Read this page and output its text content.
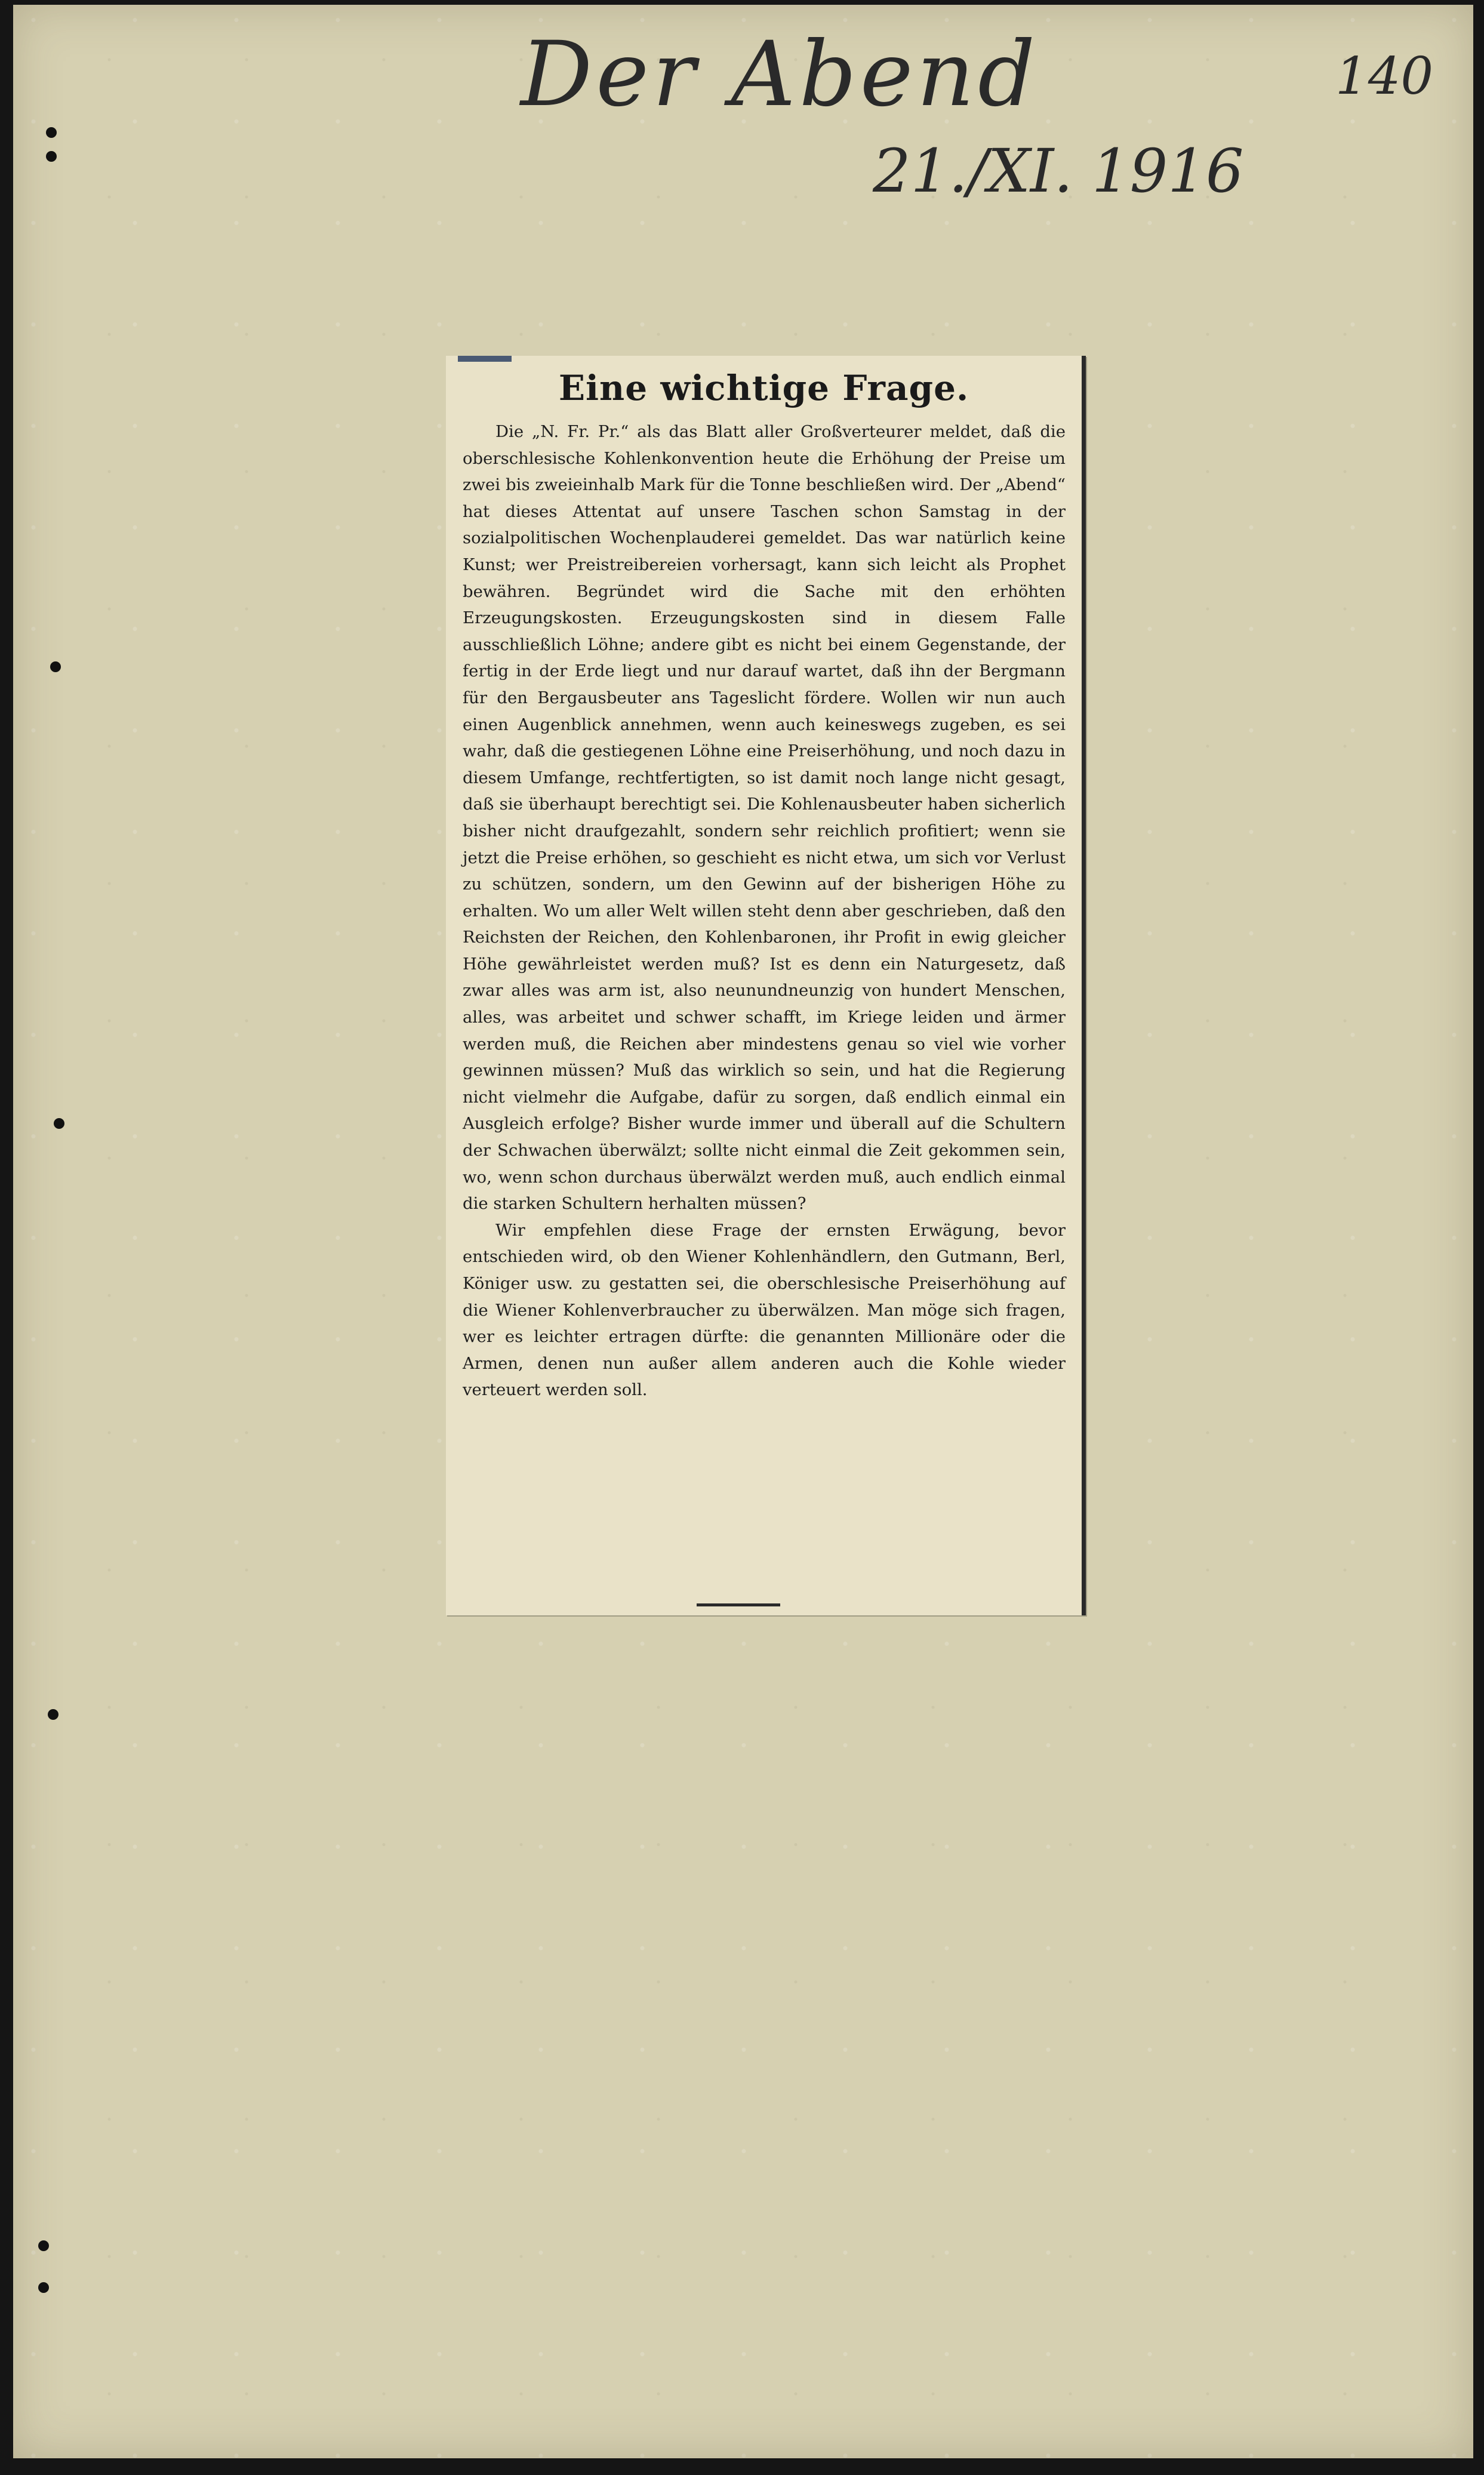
Der Abend

21./XI. 1916

140

Eine wichtige Frage.

Die „N. Fr. Pr.“ als das Blatt aller Großverteurer meldet, daß die oberschlesische Kohlenkonvention heute die Erhöhung der Preise um zwei bis zweieinhalb Mark für die Tonne beschließen wird. Der „Abend“ hat dieses Attentat auf unsere Taschen schon Samstag in der sozialpolitischen Wochenplauderei gemeldet. Das war natürlich keine Kunst; wer Preistreibereien vorhersagt, kann sich leicht als Prophet bewähren. Begründet wird die Sache mit den erhöhten Erzeugungskosten. Erzeugungskosten sind in diesem Falle ausschließlich Löhne; andere gibt es nicht bei einem Gegenstande, der fertig in der Erde liegt und nur darauf wartet, daß ihn der Bergmann für den Bergausbeuter ans Tageslicht fördere. Wollen wir nun auch einen Augenblick annehmen, wenn auch keineswegs zugeben, es sei wahr, daß die gestiegenen Löhne eine Preiserhöhung, und noch dazu in diesem Umfange, rechtfertigten, so ist damit noch lange nicht gesagt, daß sie überhaupt berechtigt sei. Die Kohlenausbeuter haben sicherlich bisher nicht draufgezahlt, sondern sehr reichlich profitiert; wenn sie jetzt die Preise erhöhen, so geschieht es nicht etwa, um sich vor Verlust zu schützen, sondern, um den Gewinn auf der bisherigen Höhe zu erhalten. Wo um aller Welt willen steht denn aber geschrieben, daß den Reichsten der Reichen, den Kohlenbaronen, ihr Profit in ewig gleicher Höhe gewährleistet werden muß? Ist es denn ein Naturgesetz, daß zwar alles was arm ist, also neunundneunzig von hundert Menschen, alles, was arbeitet und schwer schafft, im Kriege leiden und ärmer werden muß, die Reichen aber mindestens genau so viel wie vorher gewinnen müssen? Muß das wirklich so sein, und hat die Regierung nicht vielmehr die Aufgabe, dafür zu sorgen, daß endlich einmal ein Ausgleich erfolge? Bisher wurde immer und überall auf die Schultern der Schwachen überwälzt; sollte nicht einmal die Zeit gekommen sein, wo, wenn schon durchaus überwälzt werden muß, auch endlich einmal die starken Schultern herhalten müssen?

Wir empfehlen diese Frage der ernsten Erwägung, bevor entschieden wird, ob den Wiener Kohlenhändlern, den Gutmann, Berl, Königer usw. zu gestatten sei, die oberschlesische Preiserhöhung auf die Wiener Kohlenverbraucher zu überwälzen. Man möge sich fragen, wer es leichter ertragen dürfte: die genannten Millionäre oder die Armen, denen nun außer allem anderen auch die Kohle wieder verteuert werden soll.
